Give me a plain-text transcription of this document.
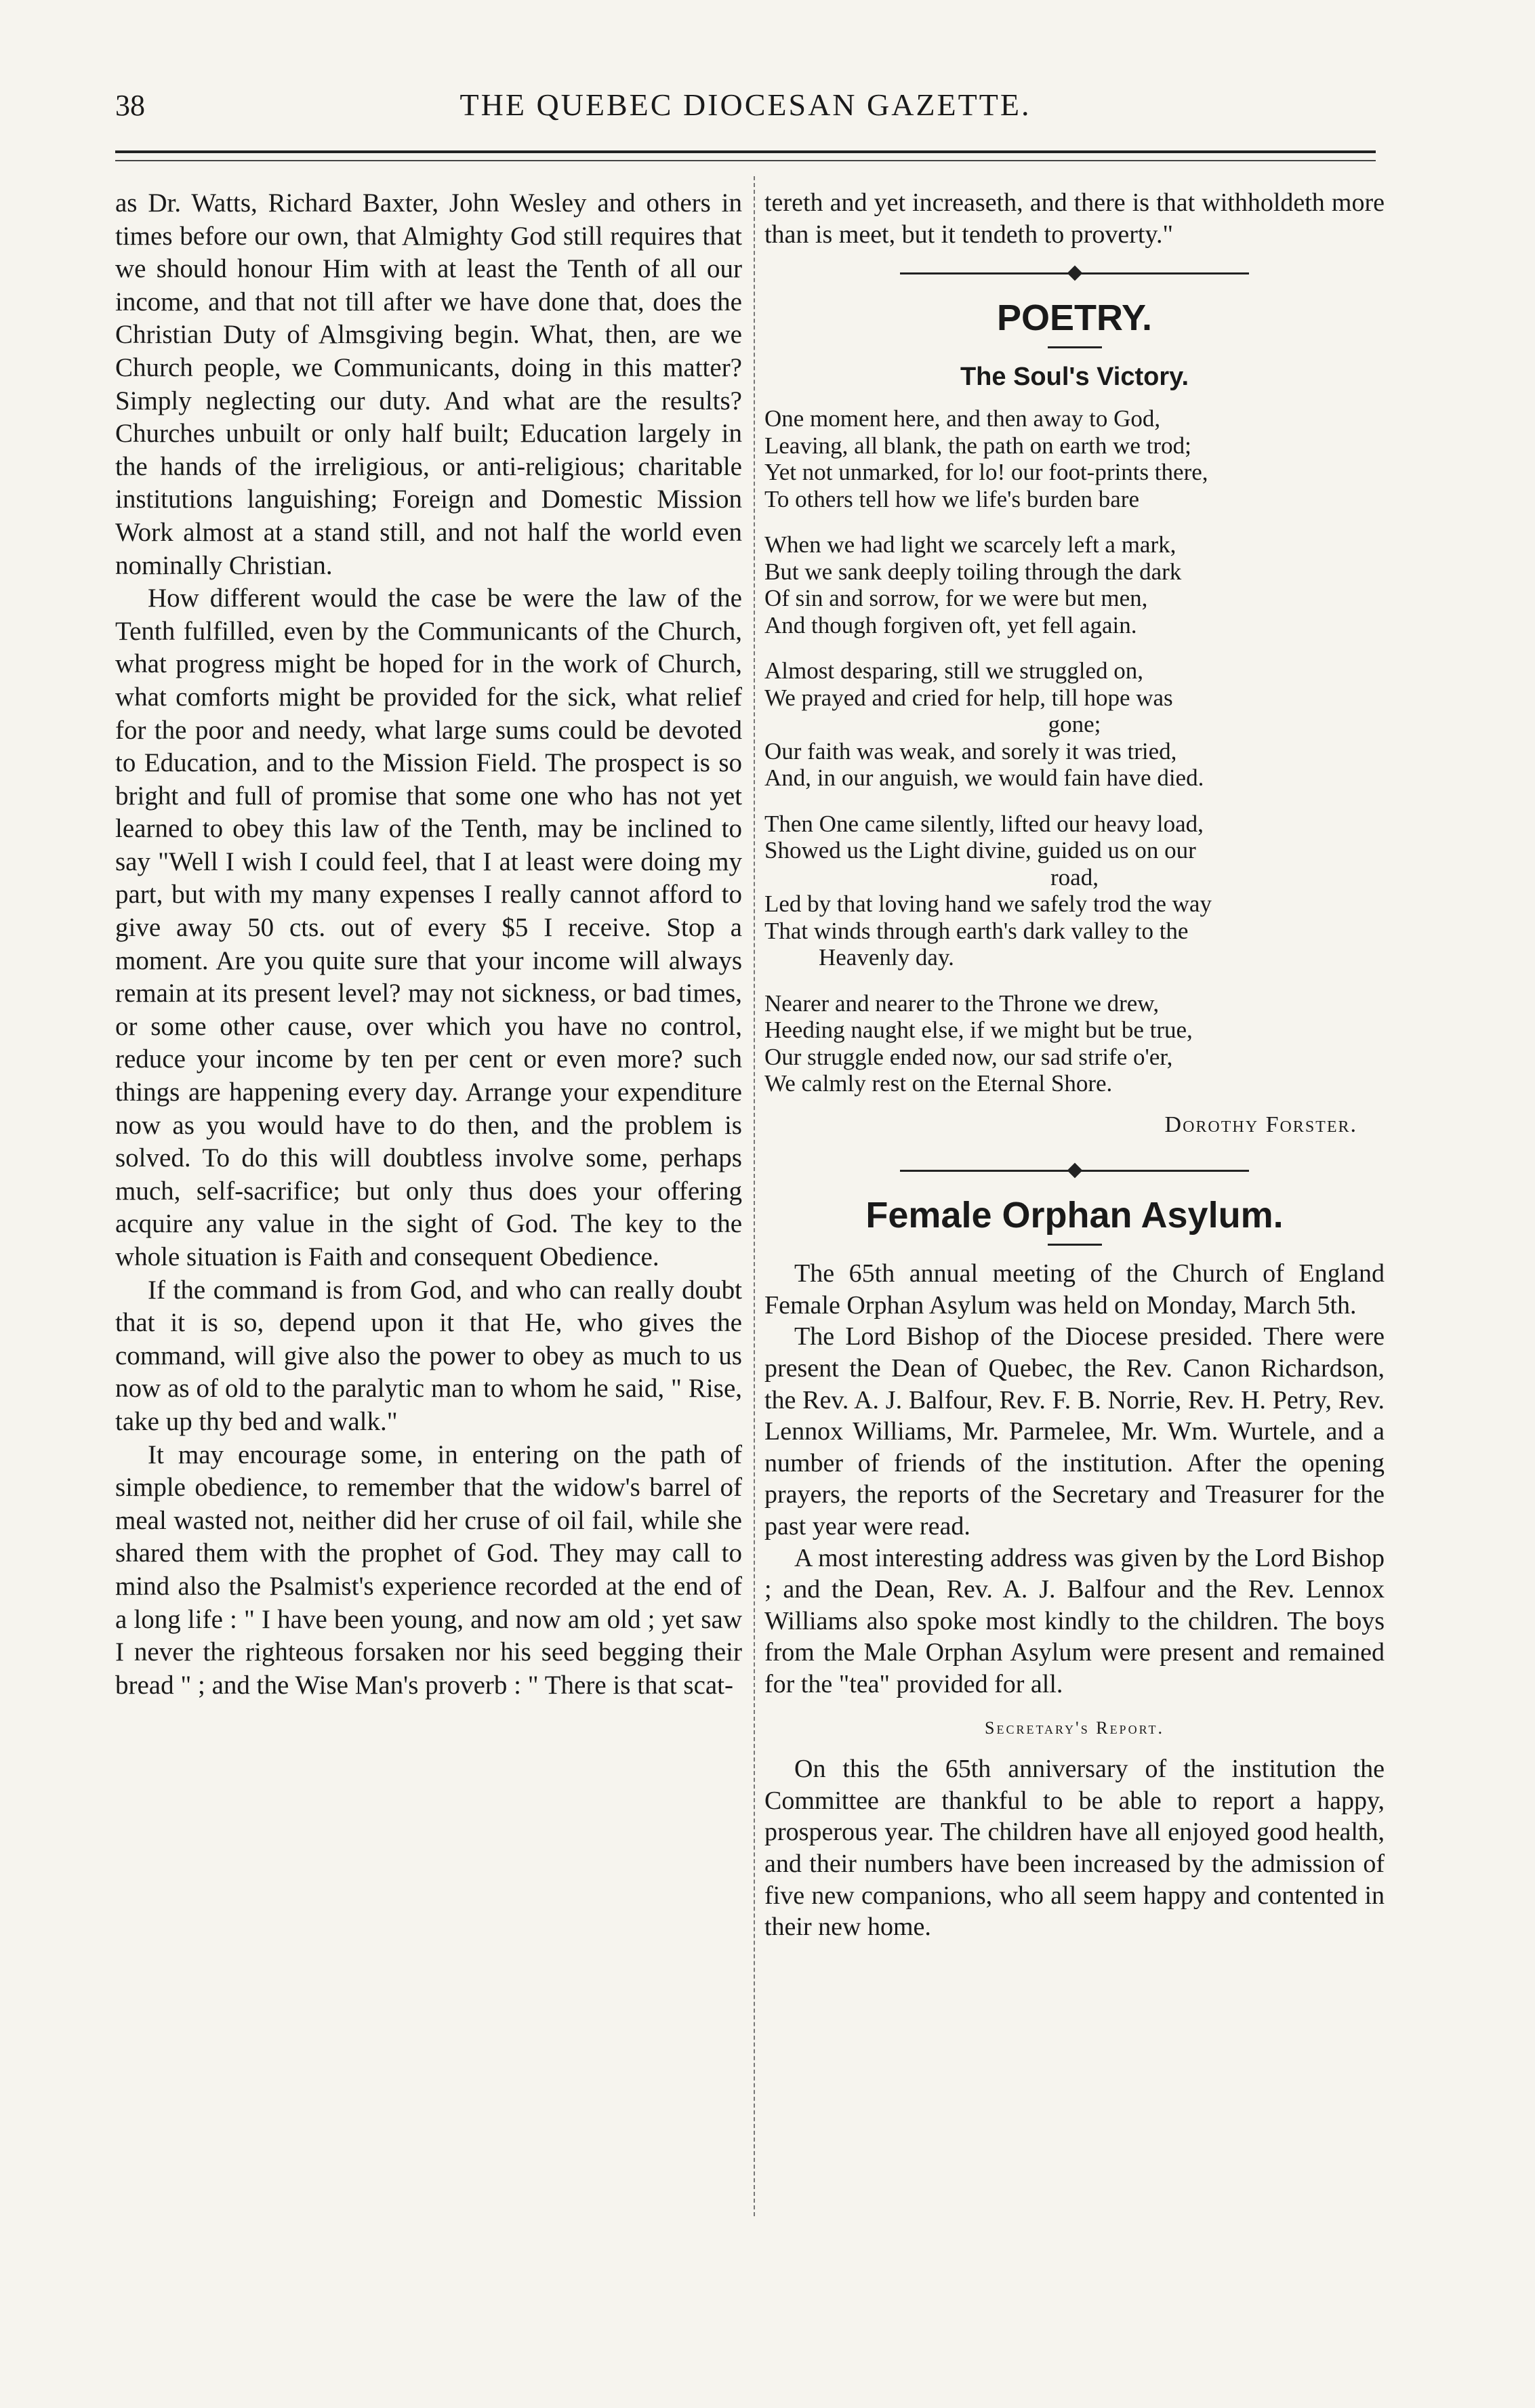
38	THE QUEBEC DIOCESAN GAZETTE.

as Dr. Watts, Richard Baxter, John Wesley and others in times before our own, that Almighty God still requires that we should honour Him with at least the Tenth of all our income, and that not till after we have done that, does the Christian Duty of Almsgiving begin. What, then, are we Church people, we Communicants, doing in this matter? Simply neglecting our duty. And what are the results? Churches unbuilt or only half built; Education largely in the hands of the irreligious, or anti-religious; charitable institutions languishing; Foreign and Domestic Mission Work almost at a stand still, and not half the world even nominally Christian.

How different would the case be were the law of the Tenth fulfilled, even by the Communicants of the Church, what progress might be hoped for in the work of Church, what comforts might be provided for the sick, what relief for the poor and needy, what large sums could be devoted to Education, and to the Mission Field. The prospect is so bright and full of promise that some one who has not yet learned to obey this law of the Tenth, may be inclined to say "Well I wish I could feel, that I at least were doing my part, but with my many expenses I really cannot afford to give away 50 cts. out of every $5 I receive. Stop a moment. Are you quite sure that your income will always remain at its present level? may not sickness, or bad times, or some other cause, over which you have no control, reduce your income by ten per cent or even more? such things are happening every day. Arrange your expenditure now as you would have to do then, and the problem is solved. To do this will doubtless involve some, perhaps much, self-sacrifice; but only thus does your offering acquire any value in the sight of God. The key to the whole situation is Faith and consequent Obedience.

If the command is from God, and who can really doubt that it is so, depend upon it that He, who gives the command, will give also the power to obey as much to us now as of old to the paralytic man to whom he said, " Rise, take up thy bed and walk."

It may encourage some, in entering on the path of simple obedience, to remember that the widow's barrel of meal wasted not, neither did her cruse of oil fail, while she shared them with the prophet of God. They may call to mind also the Psalmist's experience recorded at the end of a long life : " I have been young, and now am old ; yet saw I never the righteous forsaken nor his seed begging their bread " ; and the Wise Man's proverb : " There is that scat-

tereth and yet increaseth, and there is that withholdeth more than is meet, but it tendeth to proverty."

POETRY.
The Soul's Victory.
One moment here, and then away to God,
Leaving, all blank, the path on earth we trod;
Yet not unmarked, for lo! our foot-prints there,
To others tell how we life's burden bare
When we had light we scarcely left a mark,
But we sank deeply toiling through the dark
Of sin and sorrow, for we were but men,
And though forgiven oft, yet fell again.
Almost desparing, still we struggled on,
We prayed and cried for help, till hope was
gone;
Our faith was weak, and sorely it was tried,
And, in our anguish, we would fain have died.
Then One came silently, lifted our heavy load,
Showed us the Light divine, guided us on our
road,
Led by that loving hand we safely trod the way
That winds through earth's dark valley to the
Heavenly day.
Nearer and nearer to the Throne we drew,
Heeding naught else, if we might but be true,
Our struggle ended now, our sad strife o'er,
We calmly rest on the Eternal Shore.
Dorothy Forster.
Female Orphan Asylum.

The 65th annual meeting of the Church of England Female Orphan Asylum was held on Monday, March 5th.

The Lord Bishop of the Diocese presided. There were present the Dean of Quebec, the Rev. Canon Richardson, the Rev. A. J. Balfour, Rev. F. B. Norrie, Rev. H. Petry, Rev. Lennox Williams, Mr. Parmelee, Mr. Wm. Wurtele, and a number of friends of the institution. After the opening prayers, the reports of the Secretary and Treasurer for the past year were read.

A most interesting address was given by the Lord Bishop ; and the Dean, Rev. A. J. Balfour and the Rev. Lennox Williams also spoke most kindly to the children. The boys from the Male Orphan Asylum were present and remained for the "tea" provided for all.

Secretary's Report.

On this the 65th anniversary of the institution the Committee are thankful to be able to report a happy, prosperous year. The children have all enjoyed good health, and their numbers have been increased by the admission of five new companions, who all seem happy and contented in their new home.
